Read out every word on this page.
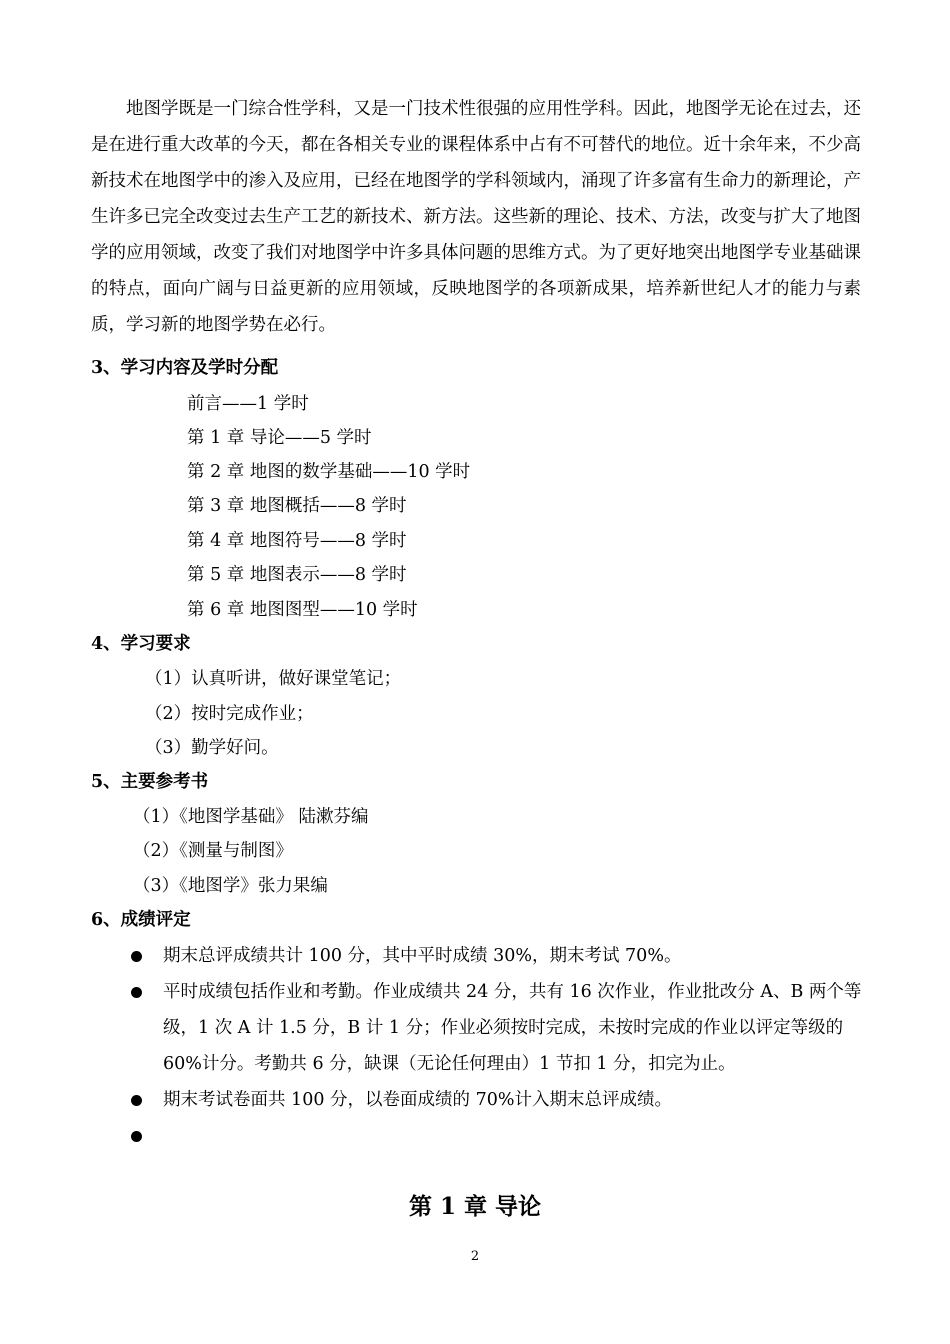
地图学既是一门综合性学科，又是一门技术性很强的应用性学科。因此，地图学无论在过去，还是在进行重大改革的今天，都在各相关专业的课程体系中占有不可替代的地位。近十余年来，不少高新技术在地图学中的渗入及应用，已经在地图学的学科领域内，涌现了许多富有生命力的新理论，产生许多已完全改变过去生产工艺的新技术、新方法。这些新的理论、技术、方法，改变与扩大了地图学的应用领域，改变了我们对地图学中许多具体问题的思维方式。为了更好地突出地图学专业基础课的特点，面向广阔与日益更新的应用领域，反映地图学的各项新成果，培养新世纪人才的能力与素质，学习新的地图学势在必行。

3、学习内容及学时分配

前言——1 学时

第 1 章 导论——5 学时

第 2 章 地图的数学基础——10 学时

第 3 章 地图概括——8 学时

第 4 章 地图符号——8 学时

第 5 章 地图表示——8 学时

第 6 章 地图图型——10 学时

4、学习要求

（1）认真听讲，做好课堂笔记；

（2）按时完成作业；

（3）勤学好问。

5、主要参考书

（1）《地图学基础》 陆漱芬编

（2）《测量与制图》

（3）《地图学》张力果编

6、成绩评定

期末总评成绩共计 100 分，其中平时成绩 30%，期末考试 70%。

平时成绩包括作业和考勤。作业成绩共 24 分，共有 16 次作业，作业批改分 A、B 两个等级，1 次 A 计 1.5 分，B 计 1 分；作业必须按时完成，未按时完成的作业以评定等级的 60%计分。考勤共 6 分，缺课（无论任何理由）1 节扣 1 分，扣完为止。

期末考试卷面共 100 分，以卷面成绩的 70%计入期末总评成绩。

第 1 章 导论

2
